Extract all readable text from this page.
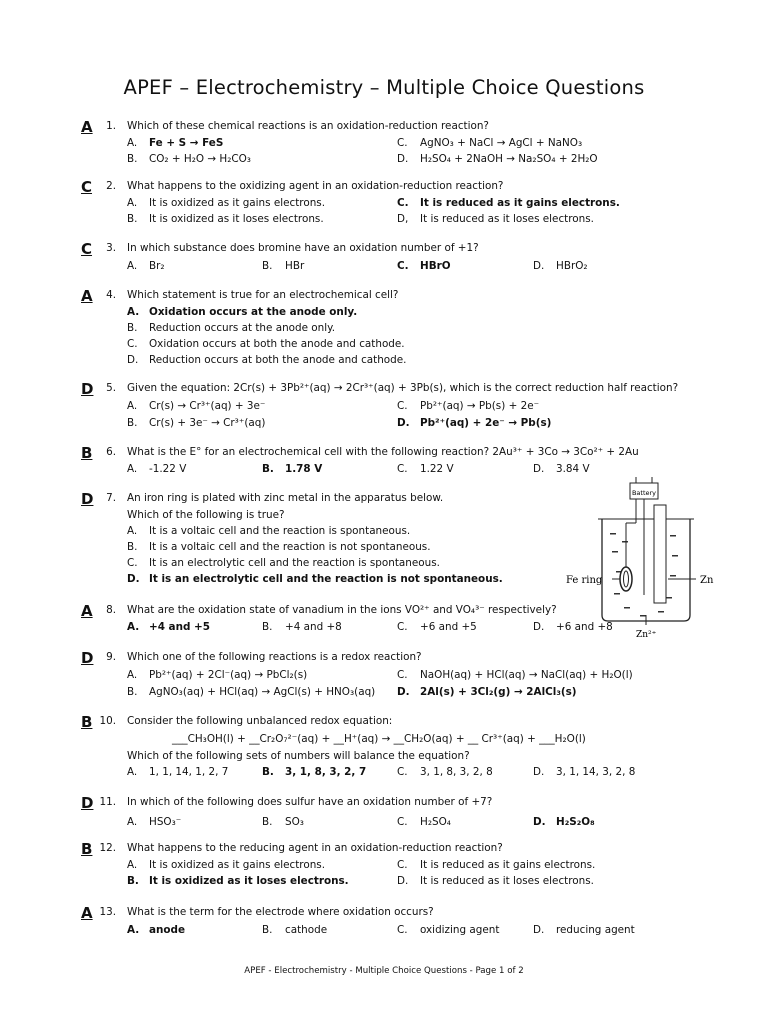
APEF – Electrochemistry – Multiple Choice Questions
A 1. Which of these chemical reactions is an oxidation-reduction reaction?
A. Fe + S → FeS	C. AgNO₃ + NaCl → AgCl + NaNO₃
B. CO₂ + H₂O → H₂CO₃	D. H₂SO₄ + 2NaOH → Na₂SO₄ + 2H₂O
C 2. What happens to the oxidizing agent in an oxidation-reduction reaction?
A. It is oxidized as it gains electrons.	C. It is reduced as it gains electrons.
B. It is oxidized as it loses electrons.	D, It is reduced as it loses electrons.
C 3. In which substance does bromine have an oxidation number of +1?
A. Br₂	B. HBr	C. HBrO	D. HBrO₂
A 4. Which statement is true for an electrochemical cell?
A. Oxidation occurs at the anode only.
B. Reduction occurs at the anode only.
C. Oxidation occurs at both the anode and cathode.
D. Reduction occurs at both the anode and cathode.
D 5. Given the equation: 2Cr(s) + 3Pb²⁺(aq) → 2Cr³⁺(aq) + 3Pb(s), which is the correct reduction half reaction?
A. Cr(s) → Cr³⁺(aq) + 3e⁻	C. Pb²⁺(aq) → Pb(s) + 2e⁻
B. Cr(s) + 3e⁻ → Cr³⁺(aq)	D. Pb²⁺(aq) + 2e⁻ → Pb(s)
B 6. What is the E° for an electrochemical cell with the following reaction? 2Au³⁺ + 3Co → 3Co²⁺ + 2Au
A. -1.22 V	B. 1.78 V	C. 1.22 V	D. 3.84 V
D 7. An iron ring is plated with zinc metal in the apparatus below.
Which of the following is true?
A. It is a voltaic cell and the reaction is spontaneous.
B. It is a voltaic cell and the reaction is not spontaneous.
C. It is an electrolytic cell and the reaction is spontaneous.
D. It is an electrolytic cell and the reaction is not spontaneous.
Battery
Fe ring	Zn
Zn²⁺
A 8. What are the oxidation state of vanadium in the ions VO²⁺ and VO₄³⁻ respectively?
A. +4 and +5	B. +4 and +8	C. +6 and +5	D. +6 and +8
D 9. Which one of the following reactions is a redox reaction?
A. Pb²⁺(aq) + 2Cl⁻(aq) → PbCl₂(s)	C. NaOH(aq) + HCl(aq) → NaCl(aq) + H₂O(l)
B. AgNO₃(aq) + HCl(aq) → AgCl(s) + HNO₃(aq) D. 2Al(s) + 3Cl₂(g) → 2AlCl₃(s)
B 10. Consider the following unbalanced redox equation:
___CH₃OH(l) + __Cr₂O₇²⁻(aq) + __H⁺(aq) → __CH₂O(aq) + __ Cr³⁺(aq) + ___H₂O(l)
Which of the following sets of numbers will balance the equation?
A. 1, 1, 14, 1, 2, 7	B. 3, 1, 8, 3, 2, 7	C. 3, 1, 8, 3, 2, 8	D. 3, 1, 14, 3, 2, 8
D 11. In which of the following does sulfur have an oxidation number of +7?
A. HSO₃⁻	B. SO₃	C. H₂SO₄	D. H₂S₂O₈
B 12. What happens to the reducing agent in an oxidation-reduction reaction?
A. It is oxidized as it gains electrons.	C. It is reduced as it gains electrons.
B. It is oxidized as it loses electrons.	D. It is reduced as it loses electrons.
A 13. What is the term for the electrode where oxidation occurs?
A. anode	B. cathode	C. oxidizing agent	D. reducing agent
APEF - Electrochemistry - Multiple Choice Questions - Page 1 of 2
